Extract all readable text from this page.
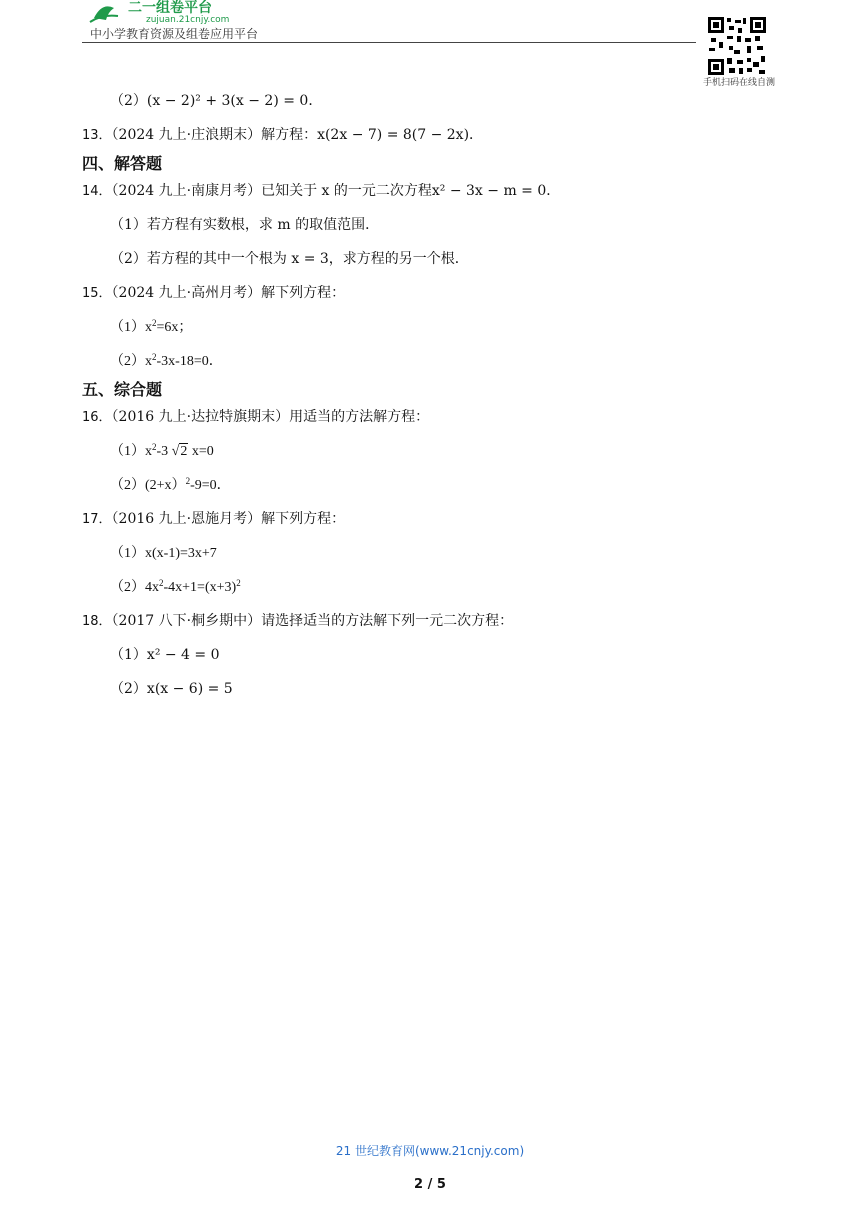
二一组卷平台
zujuan.21cnjy.com
中小学教育资源及组卷应用平台
手机扫码在线自测
（2）(x − 2)² + 3(x − 2) = 0．
13．（2024 九上·庄浪期末）解方程：x(2x − 7) = 8(7 − 2x)．
四、解答题
14．（2024 九上·南康月考）已知关于 x 的一元二次方程x² − 3x − m = 0．
（1）若方程有实数根，求 m 的取值范围．
（2）若方程的其中一个根为 x = 3，求方程的另一个根．
15．（2024 九上·高州月考）解下列方程：
$(1)x^2=6x$；
$(2)x^2-3x-18=0$．
五、综合题
16．（2016 九上·达拉特旗期末）用适当的方法解方程：
$(1)x^2-3$ √2 x=0
（2）(2+x）$^2$-9=0．
17．（2016 九上·恩施月考）解下列方程：
（1）x(x-1)=3x+7
$(2)4x^2-4x+1=(x+3)^2$
18．（2017 八下·桐乡期中）请选择适当的方法解下列一元二次方程：
（1）x² − 4 = 0
（2）x(x − 6) = 5
21 世纪教育网(www.21cnjy.com)
2 / 5
